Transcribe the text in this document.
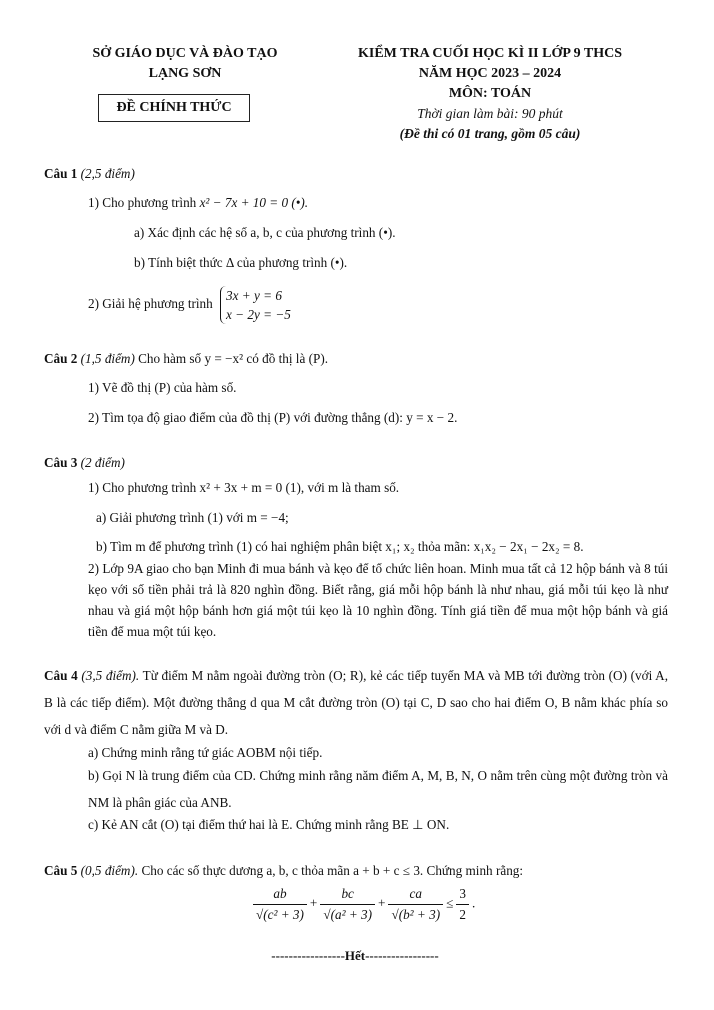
SỞ GIÁO DỤC VÀ ĐÀO TẠO
LẠNG SƠN
ĐỀ CHÍNH THỨC
KIỂM TRA CUỐI HỌC KÌ II LỚP 9 THCS
NĂM HỌC 2023 – 2024
MÔN: TOÁN
Thời gian làm bài: 90 phút
(Đề thi có 01 trang, gồm 05 câu)
Câu 1 (2,5 điểm)
1) Cho phương trình x² − 7x + 10 = 0 (•).
a) Xác định các hệ số a, b, c của phương trình (•).
b) Tính biệt thức Δ của phương trình (•).
2) Giải hệ phương trình
3x + y = 6
x − 2y = −5
Câu 2 (1,5 điểm) Cho hàm số y = −x² có đồ thị là (P).
1) Vẽ đồ thị (P) của hàm số.
2) Tìm tọa độ giao điểm của đồ thị (P) với đường thẳng (d): y = x − 2.
Câu 3 (2 điểm)
1) Cho phương trình x² + 3x + m = 0 (1), với m là tham số.
a) Giải phương trình (1) với m = −4;
b) Tìm m để phương trình (1) có hai nghiệm phân biệt x₁; x₂ thỏa mãn: x₁x₂ − 2x₁ − 2x₂ = 8.
2) Lớp 9A giao cho bạn Minh đi mua bánh và kẹo để tổ chức liên hoan. Minh mua tất cả 12 hộp bánh và 8 túi kẹo với số tiền phải trả là 820 nghìn đồng. Biết rằng, giá mỗi hộp bánh là như nhau, giá mỗi túi kẹo là như nhau và giá một hộp bánh hơn giá một túi kẹo là 10 nghìn đồng. Tính giá tiền để mua một hộp bánh và giá tiền để mua một túi kẹo.
Câu 4 (3,5 điểm). Từ điểm M nằm ngoài đường tròn (O; R), kẻ các tiếp tuyến MA và MB tới đường tròn (O) (với A, B là các tiếp điểm). Một đường thẳng d qua M cắt đường tròn (O) tại C, D sao cho hai điểm O, B nằm khác phía so với d và điểm C nằm giữa M và D.
a) Chứng minh rằng tứ giác AOBM nội tiếp.
b) Gọi N là trung điểm của CD. Chứng minh rằng năm điểm A, M, B, N, O nằm trên cùng một đường tròn và NM là phân giác của ANB.
c) Kẻ AN cắt (O) tại điểm thứ hai là E. Chứng minh rằng BE ⊥ ON.
Câu 5 (0,5 điểm). Cho các số thực dương a, b, c thỏa mãn a + b + c ≤ 3. Chứng minh rằng:
$\frac{ab}{\text{√(c² + 3)}} + \frac{bc}{\text{√(a² + 3)}} + \frac{ca}{\text{√(b² + 3)}} \le \frac{3}{2}$ .
-----------------Hết-----------------
